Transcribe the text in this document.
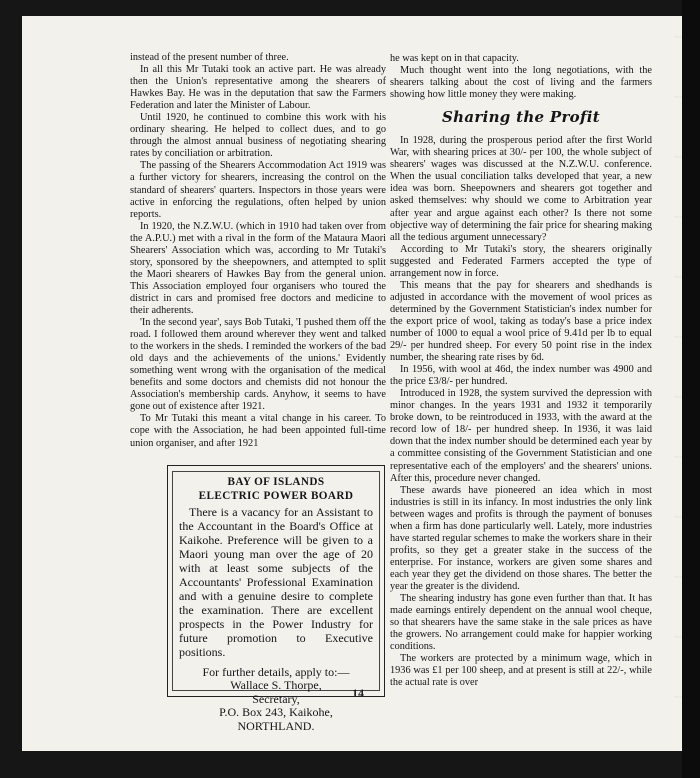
instead of the present number of three.

In all this Mr Tutaki took an active part. He was already then the Union's representative among the shearers of Hawkes Bay. He was in the deputation that saw the Farmers Federation and later the Minister of Labour.

Until 1920, he continued to combine this work with his ordinary shearing. He helped to collect dues, and to go through the almost annual business of negotiating shearing rates by conciliation or arbitration.

The passing of the Shearers Accommodation Act 1919 was a further victory for shearers, increasing the control on the standard of shearers' quarters. Inspectors in those years were active in enforcing the regulations, often helped by union reports.

In 1920, the N.Z.W.U. (which in 1910 had taken over from the A.P.U.) met with a rival in the form of the Mataura Maori Shearers' Association which was, according to Mr Tutaki's story, sponsored by the sheepowners, and attempted to split the Maori shearers of Hawkes Bay from the general union. This Association employed four organisers who toured the district in cars and promised free doctors and medicine to their adherents.

'In the second year', says Bob Tutaki, 'I pushed them off the road. I followed them around wherever they went and talked to the workers in the sheds. I reminded the workers of the bad old days and the achievements of the unions.' Evidently something went wrong with the organisation of the medical benefits and some doctors and chemists did not honour the Association's membership cards. Anyhow, it seems to have gone out of existence after 1921.

To Mr Tutaki this meant a vital change in his career. To cope with the Association, he had been appointed full-time union organiser, and after 1921

BAY OF ISLANDS
ELECTRIC POWER BOARD
There is a vacancy for an Assistant to the Accountant in the Board's Office at Kaikohe. Preference will be given to a Maori young man over the age of 20 with at least some subjects of the Accountants' Professional Examination and with a genuine desire to complete the examination. There are excellent prospects in the Power Industry for future promotion to Executive positions.
For further details, apply to:—
Wallace S. Thorpe,
Secretary,
P.O. Box 243, Kaikohe,
NORTHLAND.

he was kept on in that capacity.

Much thought went into the long negotiations, with the shearers talking about the cost of living and the farmers showing how little money they were making.

Sharing the Profit

In 1928, during the prosperous period after the first World War, with shearing prices at 30/- per 100, the whole subject of shearers' wages was discussed at the N.Z.W.U. conference. When the usual conciliation talks developed that year, a new idea was born. Sheepowners and shearers got together and asked themselves: why should we come to Arbitration year after year and argue against each other? Is there not some objective way of determining the fair price for shearing making all the tedious argument unnecessary?

According to Mr Tutaki's story, the shearers originally suggested and Federated Farmers accepted the type of arrangement now in force.

This means that the pay for shearers and shedhands is adjusted in accordance with the movement of wool prices as determined by the Government Statistician's index number for the export price of wool, taking as today's base a price index number of 1000 to equal a wool price of 9.41d per lb to equal 29/- per hundred sheep. For every 50 point rise in the index number, the shearing rate rises by 6d.

In 1956, with wool at 46d, the index number was 4900 and the price £3/8/- per hundred.

Introduced in 1928, the system survived the depression with minor changes. In the years 1931 and 1932 it temporarily broke down, to be reintroduced in 1933, with the award at the record low of 18/- per hundred sheep. In 1936, it was laid down that the index number should be determined each year by a committee consisting of the Government Statistician and one representative each of the employers' and the shearers' unions. After this, procedure never changed.

These awards have pioneered an idea which in most industries is still in its infancy. In most industries the only link between wages and profits is through the payment of bonuses when a firm has done particularly well. Lately, more industries have started regular schemes to make the workers share in their profits, so they get a greater stake in the success of the enterprise. For instance, workers are given some shares and each year they get the dividend on those shares. The better the year the greater is the dividend.

The shearing industry has gone even further than that. It has made earnings entirely dependent on the annual wool cheque, so that shearers have the same stake in the sale prices as have the growers. No arrangement could make for happier working conditions.

The workers are protected by a minimum wage, which in 1936 was £1 per 100 sheep, and at present is still at 22/-, while the actual rate is over

14
